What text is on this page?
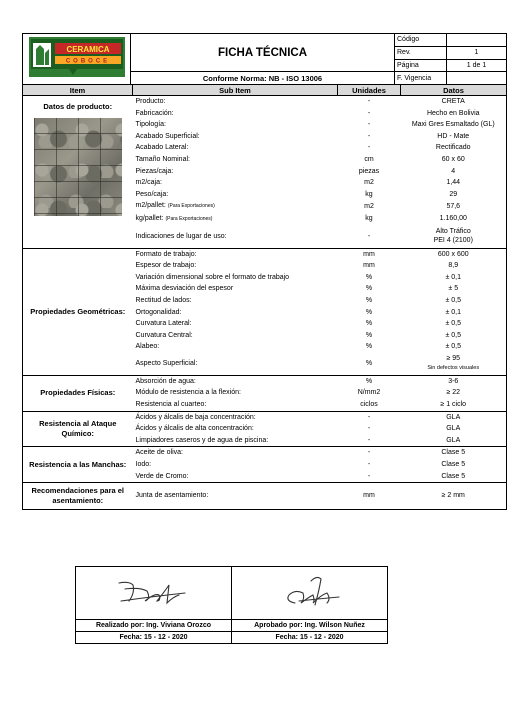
CERAMICA
COBOCE	FICHA TÉCNICA	Código	
		Rev.	1
		Página	1 de 1
	Conforme Norma: NB - ISO 13006	F. Vigencia	
Item	Sub Item	Unidades	Datos
Datos de producto:	Producto:	-	CRETA
	Fabricación:	-	Hecho en Bolivia
	Tipología:	-	Maxi Gres Esmaltado (GL)
	Acabado Superficial:	-	HD - Mate
	Acabado Lateral:	-	Rectificado
	Tamaño Nominal:	cm	60 x 60
	Piezas/caja:	piezas	4
	m2/caja:	m2	1,44
	Peso/caja:	kg	29
	m2/pallet: (Para Exportaciones)	m2	57,6
	kg/pallet: (Para Exportaciones)	kg	1.160,00
	Indicaciones de lugar de uso:	-	Alto Tráfico
PEI 4 (2100)
Propiedades Geométricas:	Formato de trabajo:	mm	600 x 600
	Espesor de trabajo:	mm	8,9
	Variación dimensional sobre el formato de trabajo	%	± 0,1
	Máxima desviación del espesor	%	± 5
	Rectitud de lados:	%	± 0,5
	Ortogonalidad:	%	± 0,1
	Curvatura Lateral:	%	± 0,5
	Curvatura Central:	%	± 0,5
	Alabeo:	%	± 0,5
	Aspecto Superficial:	%	≥ 95
Sin defectos visuales
Propiedades Físicas:	Absorción de agua:	%	3-6
	Módulo de resistencia a la flexión:	N/mm2	≥ 22
	Resistencia al cuarteo:	ciclos	≥ 1 ciclo
Resistencia al Ataque Químico:	Ácidos y álcalis de baja concentración:	-	GLA
	Ácidos y álcalis de alta concentración:	-	GLA
	Limpiadores caseros y de agua de piscina:	-	GLA
Resistencia a las Manchas:	Aceite de oliva:	-	Clase 5
	Iodo:	-	Clase 5
	Verde de Cromo:	-	Clase 5
Recomendaciones para el asentamiento:	Junta de asentamiento:	mm	≥ 2 mm

Realizado por: Ing. Viviana Orozco	Aprobado por: Ing. Wilson Nuñez
Fecha: 15 - 12 - 2020	Fecha: 15 - 12 - 2020
